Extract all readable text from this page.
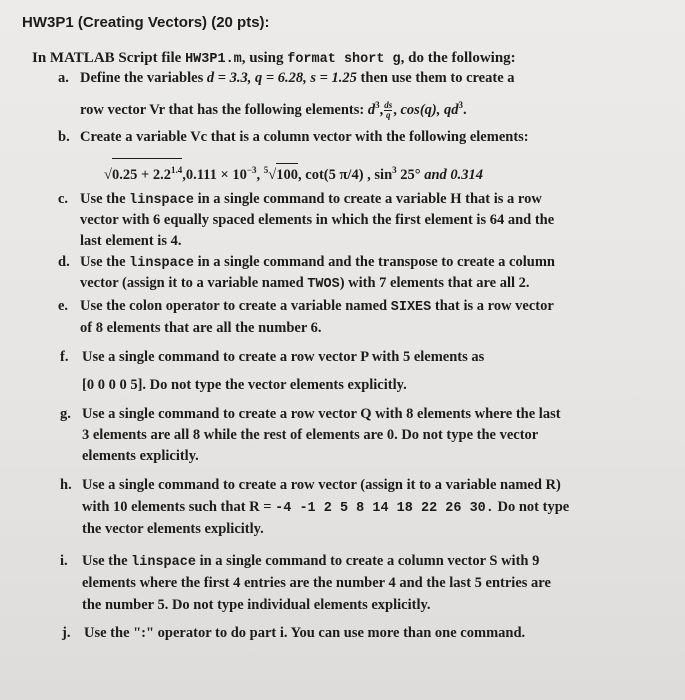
HW3P1 (Creating Vectors) (20 pts):
In MATLAB Script file HW3P1.m, using format short g, do the following:
a. Define the variables d = 3.3, q = 6.28, s = 1.25 then use them to create a
row vector Vr that has the following elements: $d^3$, $\frac{ds}{q}$ , cos(q), $qd^3$.
b. Create a variable Vc that is a column vector with the following elements:
$√0.25 + 2.2^{1.4},0.111 \times 10^{-3}$, $^5$√100, cot(5 π/4) , $\sin^3 25^\circ$ and 0.314
c. Use the linspace in a single command to create a variable H that is a row
vector with 6 equally spaced elements in which the first element is 64 and the
last element is 4.
d. Use the linspace in a single command and the transpose to create a column
vector (assign it to a variable named TWOS) with 7 elements that are all 2.
e. Use the colon operator to create a variable named SIXES that is a row vector
of 8 elements that are all the number 6.
f. Use a single command to create a row vector P with 5 elements as
[0 0 0 0 5]. Do not type the vector elements explicitly.
g. Use a single command to create a row vector Q with 8 elements where the last
3 elements are all 8 while the rest of elements are 0. Do not type the vector
elements explicitly.
h. Use a single command to create a row vector (assign it to a variable named R)
with 10 elements such that R = -4 -1 2 5 8 14 18 22 26 30. Do not type
the vector elements explicitly.
i. Use the linspace in a single command to create a column vector S with 9
elements where the first 4 entries are the number 4 and the last 5 entries are
the number 5. Do not type individual elements explicitly.
j. Use the ":" operator to do part i. You can use more than one command.
